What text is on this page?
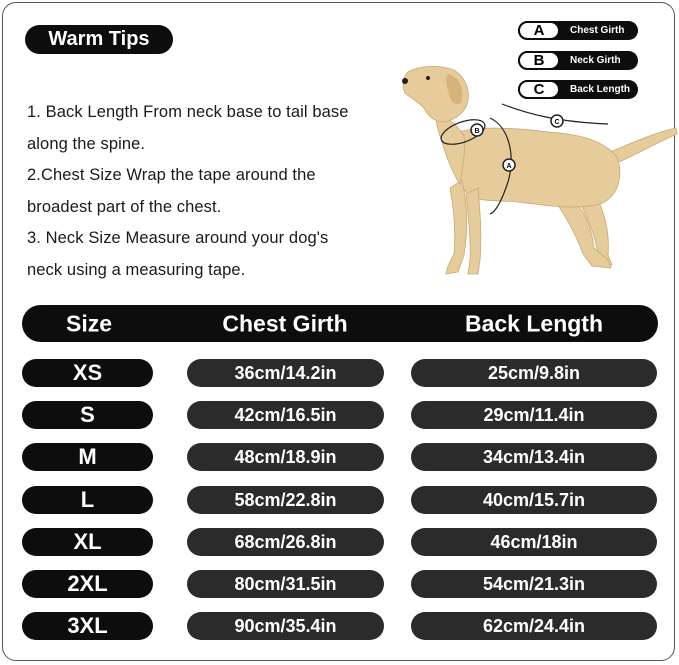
Warm Tips

1. Back Length From neck base to tail base

along the spine.

2.Chest Size Wrap the tape around the

broadest part of the chest.

3. Neck Size Measure around your dog's

neck using a measuring tape.

A	Chest Girth
B	Neck Girth
C	Back Length
B
A
C
Size	Chest Girth	Back Length
XS	36cm/14.2in	25cm/9.8in
S	42cm/16.5in	29cm/11.4in
M	48cm/18.9in	34cm/13.4in
L	58cm/22.8in	40cm/15.7in
XL	68cm/26.8in	46cm/18in
2XL	80cm/31.5in	54cm/21.3in
3XL	90cm/35.4in	62cm/24.4in
